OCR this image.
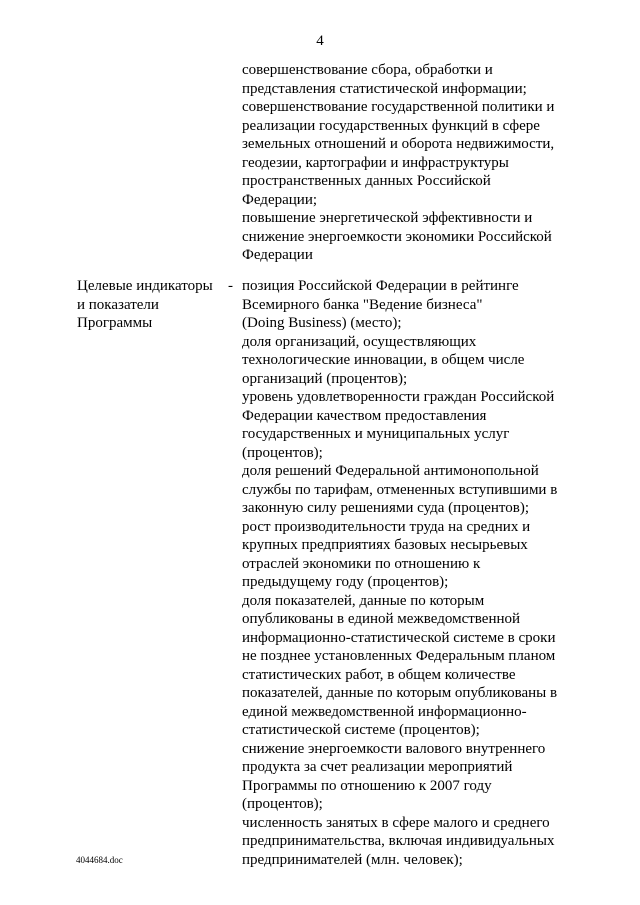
4
совершенствование сбора, обработки и
представления статистической информации;
совершенствование государственной политики и
реализации государственных функций в сфере
земельных отношений и оборота недвижимости,
геодезии, картографии и инфраструктуры
пространственных данных Российской
Федерации;
повышение энергетической эффективности и
снижение энергоемкости экономики Российской
Федерации
Целевые индикаторы
и показатели
Программы
- позиция Российской Федерации в рейтинге
Всемирного банка "Ведение бизнеса"
(Doing Business) (место);
доля организаций, осуществляющих
технологические инновации, в общем числе
организаций (процентов);
уровень удовлетворенности граждан Российской
Федерации качеством предоставления
государственных и муниципальных услуг
(процентов);
доля решений Федеральной антимонопольной
службы по тарифам, отмененных вступившими в
законную силу решениями суда (процентов);
рост производительности труда на средних и
крупных предприятиях базовых несырьевых
отраслей экономики по отношению к
предыдущему году (процентов);
доля показателей, данные по которым
опубликованы в единой межведомственной
информационно-статистической системе в сроки
не позднее установленных Федеральным планом
статистических работ, в общем количестве
показателей, данные по которым опубликованы в
единой межведомственной информационно-
статистической системе (процентов);
снижение энергоемкости валового внутреннего
продукта за счет реализации мероприятий
Программы по отношению к 2007 году
(процентов);
численность занятых в сфере малого и среднего
предпринимательства, включая индивидуальных
предпринимателей (млн. человек);
4044684.doc
